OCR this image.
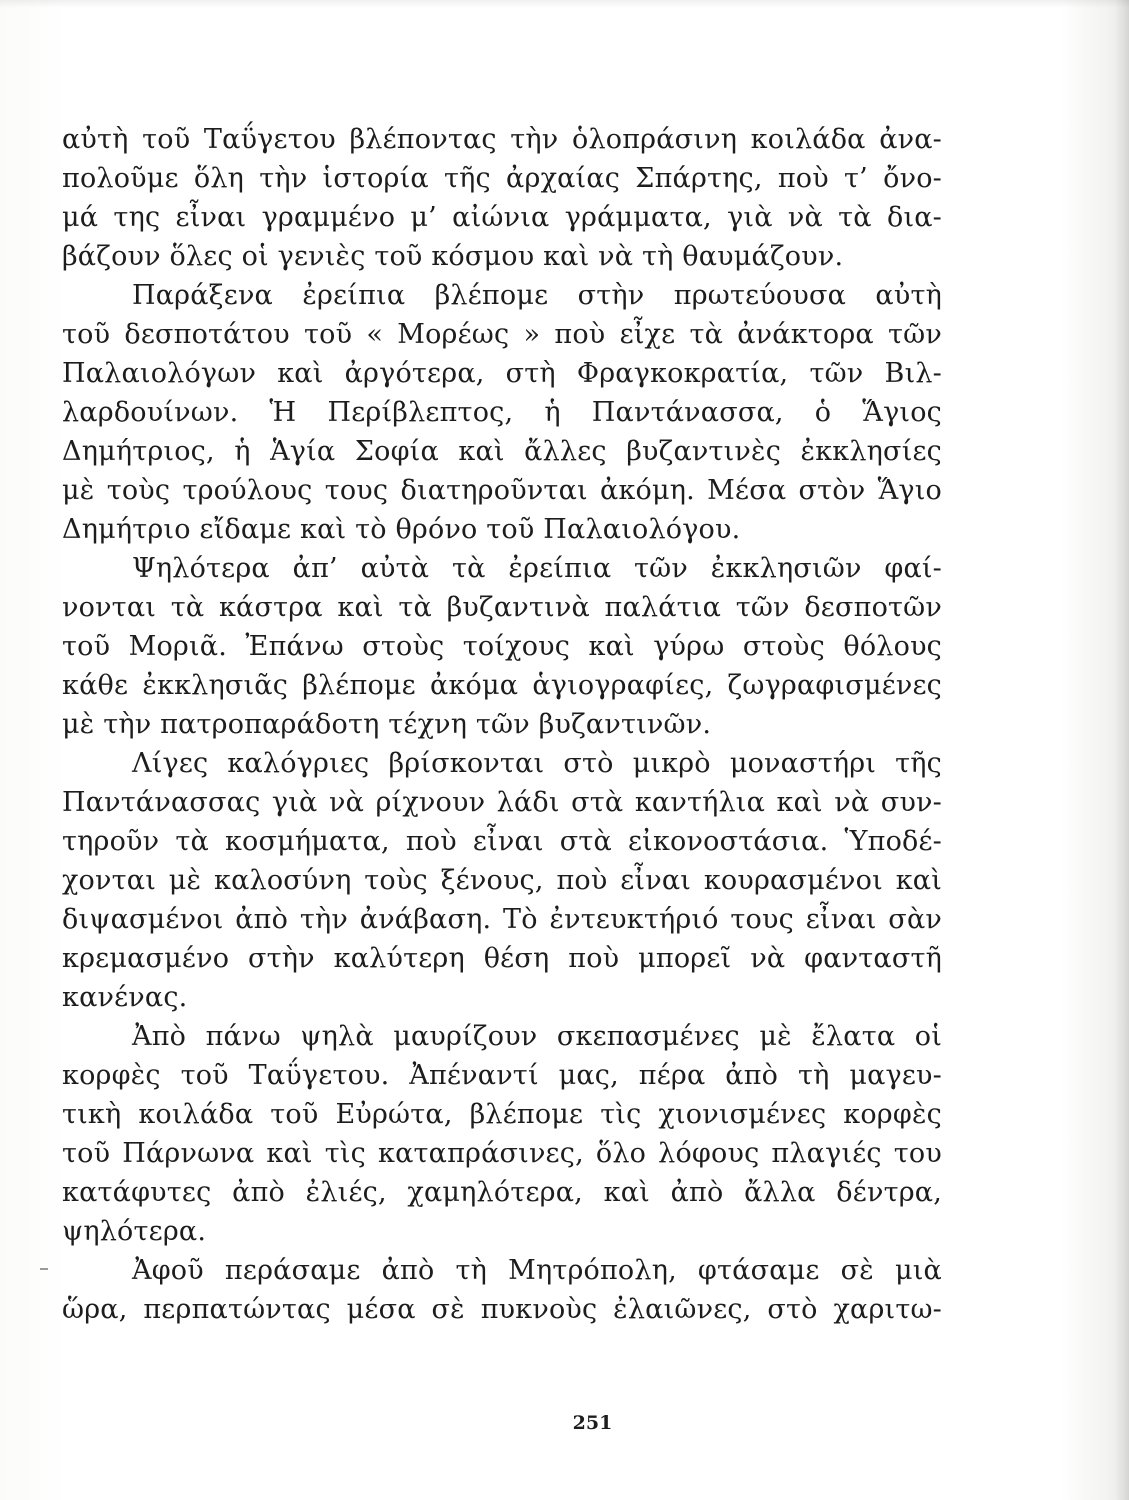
αὐτὴ τοῦ Ταΰγετου βλέποντας τὴν ὁλοπράσινη κοιλάδα ἀνα-
πολοῦμε ὅλη τὴν ἱστορία τῆς ἀρχαίας Σπάρτης, ποὺ τ’ ὄνο-
μά της εἶναι γραμμένο μ’ αἰώνια γράμματα, γιὰ νὰ τὰ δια-
βάζουν ὅλες οἱ γενιὲς τοῦ κόσμου καὶ νὰ τὴ θαυμάζουν.
Παράξενα ἐρείπια βλέπομε στὴν πρωτεύουσα αὐτὴ
τοῦ δεσποτάτου τοῦ « Μορέως » ποὺ εἶχε τὰ ἀνάκτορα τῶν
Παλαιολόγων καὶ ἀργότερα, στὴ Φραγκοκρατία, τῶν Βιλ-
λαρδουίνων. Ἡ Περίβλεπτος, ἡ Παντάνασσα, ὁ Ἅγιος
Δημήτριος, ἡ Ἁγία Σοφία καὶ ἄλλες βυζαντινὲς ἐκκλησίες
μὲ τοὺς τρούλους τους διατηροῦνται ἀκόμη. Μέσα στὸν Ἅγιο
Δημήτριο εἴδαμε καὶ τὸ θρόνο τοῦ Παλαιολόγου.
Ψηλότερα ἀπ’ αὐτὰ τὰ ἐρείπια τῶν ἐκκλησιῶν φαί-
νονται τὰ κάστρα καὶ τὰ βυζαντινὰ παλάτια τῶν δεσποτῶν
τοῦ Μοριᾶ. Ἐπάνω στοὺς τοίχους καὶ γύρω στοὺς θόλους
κάθε ἐκκλησιᾶς βλέπομε ἀκόμα ἁγιογραφίες, ζωγραφισμένες
μὲ τὴν πατροπαράδοτη τέχνη τῶν βυζαντινῶν.
Λίγες καλόγριες βρίσκονται στὸ μικρὸ μοναστήρι τῆς
Παντάνασσας γιὰ νὰ ρίχνουν λάδι στὰ καντήλια καὶ νὰ συν-
τηροῦν τὰ κοσμήματα, ποὺ εἶναι στὰ εἰκονοστάσια. Ὑποδέ-
χονται μὲ καλοσύνη τοὺς ξένους, ποὺ εἶναι κουρασμένοι καὶ
διψασμένοι ἀπὸ τὴν ἀνάβαση. Τὸ ἐντευκτήριό τους εἶναι σὰν
κρεμασμένο στὴν καλύτερη θέση ποὺ μπορεῖ νὰ φανταστῆ
κανένας.
Ἀπὸ πάνω ψηλὰ μαυρίζουν σκεπασμένες μὲ ἔλατα οἱ
κορφὲς τοῦ Ταΰγετου. Ἀπέναντί μας, πέρα ἀπὸ τὴ μαγευ-
τικὴ κοιλάδα τοῦ Εὐρώτα, βλέπομε τὶς χιονισμένες κορφὲς
τοῦ Πάρνωνα καὶ τὶς καταπράσινες, ὅλο λόφους πλαγιές του
κατάφυτες ἀπὸ ἐλιές, χαμηλότερα, καὶ ἀπὸ ἄλλα δέντρα,
ψηλότερα.
Ἀφοῦ περάσαμε ἀπὸ τὴ Μητρόπολη, φτάσαμε σὲ μιὰ
ὥρα, περπατώντας μέσα σὲ πυκνοὺς ἐλαιῶνες, στὸ χαριτω-
251
